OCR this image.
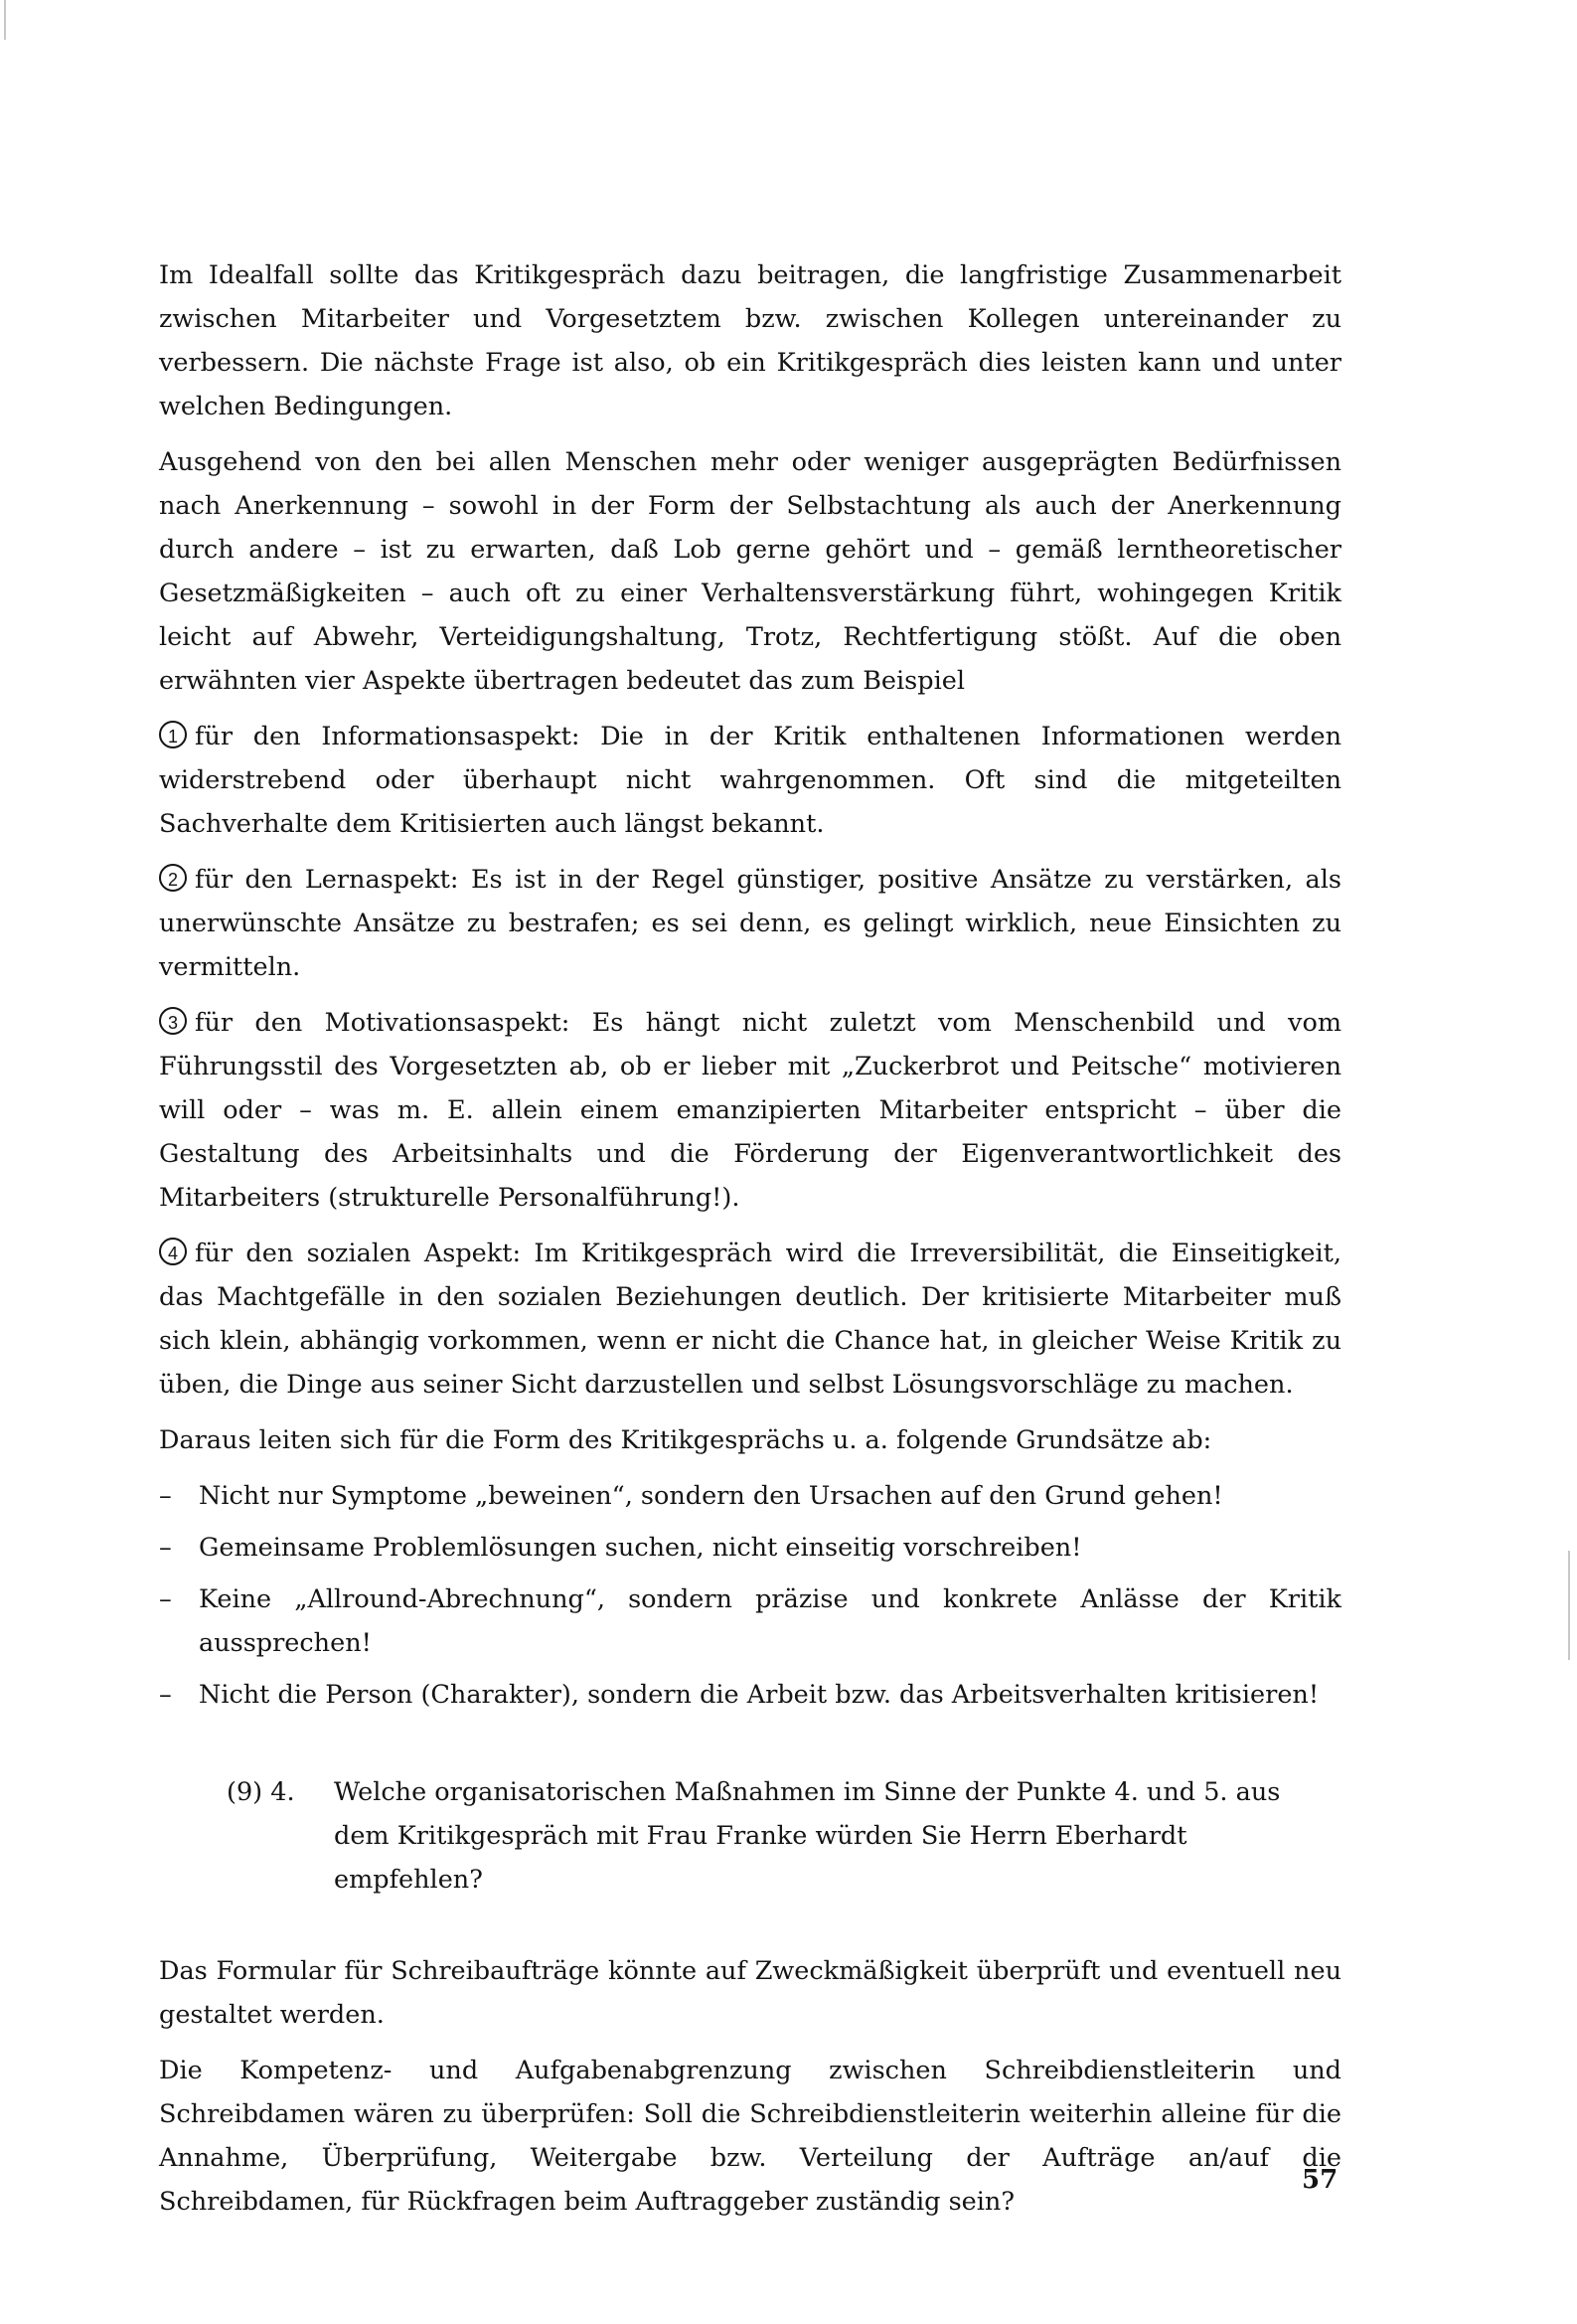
Im Idealfall sollte das Kritikgespräch dazu beitragen, die langfristige Zusammenarbeit zwischen Mitarbeiter und Vorgesetztem bzw. zwischen Kollegen untereinander zu verbessern. Die nächste Frage ist also, ob ein Kritikgespräch dies leisten kann und unter welchen Bedingungen.

Ausgehend von den bei allen Menschen mehr oder weniger ausgeprägten Bedürfnissen nach Anerkennung – sowohl in der Form der Selbstachtung als auch der Anerkennung durch andere – ist zu erwarten, daß Lob gerne gehört und – gemäß lerntheoretischer Gesetzmäßigkeiten – auch oft zu einer Verhaltensverstärkung führt, wohingegen Kritik leicht auf Abwehr, Verteidigungshaltung, Trotz, Rechtfertigung stößt. Auf die oben erwähnten vier Aspekte übertragen bedeutet das zum Beispiel

1 für den Informationsaspekt: Die in der Kritik enthaltenen Informationen werden widerstrebend oder überhaupt nicht wahrgenommen. Oft sind die mitgeteilten Sachverhalte dem Kritisierten auch längst bekannt.

2 für den Lernaspekt: Es ist in der Regel günstiger, positive Ansätze zu verstärken, als unerwünschte Ansätze zu bestrafen; es sei denn, es gelingt wirklich, neue Einsichten zu vermitteln.

3 für den Motivationsaspekt: Es hängt nicht zuletzt vom Menschenbild und vom Führungsstil des Vorgesetzten ab, ob er lieber mit „Zuckerbrot und Peitsche“ motivieren will oder – was m. E. allein einem emanzipierten Mitarbeiter entspricht – über die Gestaltung des Arbeitsinhalts und die Förderung der Eigenverantwortlichkeit des Mitarbeiters (strukturelle Personalführung!).

4 für den sozialen Aspekt: Im Kritikgespräch wird die Irreversibilität, die Einseitigkeit, das Machtgefälle in den sozialen Beziehungen deutlich. Der kritisierte Mitarbeiter muß sich klein, abhängig vorkommen, wenn er nicht die Chance hat, in gleicher Weise Kritik zu üben, die Dinge aus seiner Sicht darzustellen und selbst Lösungsvorschläge zu machen.

Daraus leiten sich für die Form des Kritikgesprächs u. a. folgende Grundsätze ab:

– Nicht nur Symptome „beweinen“, sondern den Ursachen auf den Grund gehen!
– Gemeinsame Problemlösungen suchen, nicht einseitig vorschreiben!
– Keine „Allround-Abrechnung“, sondern präzise und konkrete Anlässe der Kritik aussprechen!
– Nicht die Person (Charakter), sondern die Arbeit bzw. das Arbeitsverhalten kritisieren!
(9) 4.	Welche organisatorischen Maßnahmen im Sinne der Punkte 4. und 5. aus dem Kritikgespräch mit Frau Franke würden Sie Herrn Eberhardt empfehlen?

Das Formular für Schreibaufträge könnte auf Zweckmäßigkeit überprüft und eventuell neu gestaltet werden.

Die Kompetenz- und Aufgabenabgrenzung zwischen Schreibdienstleiterin und Schreibdamen wären zu überprüfen: Soll die Schreibdienstleiterin weiterhin alleine für die Annahme, Überprüfung, Weitergabe bzw. Verteilung der Aufträge an/auf die Schreibdamen, für Rückfragen beim Auftraggeber zuständig sein?

57
